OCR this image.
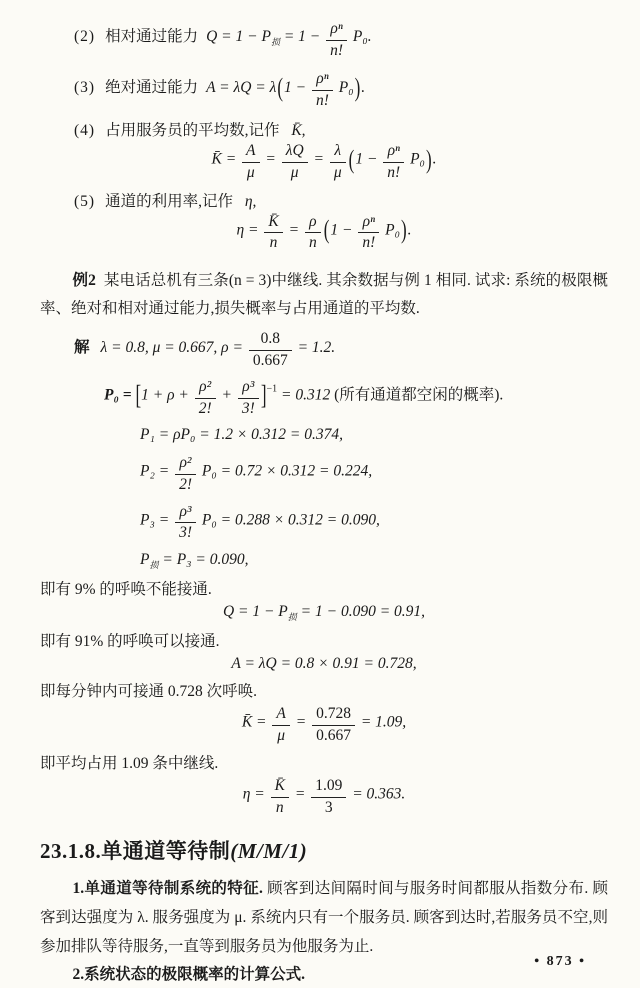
(2) 相对通过能力 $Q = 1 - P_损 = 1 - \frac{\text{ρⁿ}}{n!} P_0$.
(3) 绝对通过能力 $A = \lambda Q = \lambda(1 - \frac{\text{ρⁿ}}{n!} P_0)$.
(4) 占用服务员的平均数,记作 K̄,
K̄ = $\frac{A}{\mu} = \frac{\lambda Q}{\mu} = \frac{\lambda}{\mu} (1 - \frac{\text{ρⁿ}}{n!} P_0)$.
(5) 通道的利用率,记作 η,
$\eta = \frac{K̄}{n} = \frac{\rho}{n} (1 - \frac{\text{ρⁿ}}{n!} P_0)$.
例2 某电话总机有三条(n = 3)中继线. 其余数据与例 1 相同. 试求: 系统的极限概率、绝对和相对通过能力,损失概率与占用通道的平均数.
解 λ = 0.8, μ = 0.667, $\rho = \frac{0.8}{0.667} = 1.2$.
$P_0 = [1 + \rho + \frac{\text{ρ²}}{2!} + \frac{\text{ρ³}}{3!} ]^{-1} = 0.312$ (所有通道都空闲的概率).
P₁ = ρP₀ = 1.2 × 0.312 = 0.374,
$P_2 = \frac{\text{ρ²}}{2!} P_0 = 0.72 \times 0.312 = 0.224$,
$P_3 = \frac{\text{ρ³}}{3!} P_0 = 0.288 \times 0.312 = 0.090$,
$P_损 = P_3 = 0.090$,
即有 9% 的呼唤不能接通.
$Q = 1 - P_损 = 1 - 0.090 = 0.91$,
即有 91% 的呼唤可以接通.
A = λQ = 0.8 × 0.91 = 0.728,
即每分钟内可接通 0.728 次呼唤.
K̄ = $\frac{A}{\mu} = \frac{0.728}{0.667} = 1.09$,
即平均占用 1.09 条中继线.
$\eta = \frac{K̄}{n} = \frac{1.09}{3} = 0.363$.
23.1.8.单通道等待制(M/M/1)
1.单通道等待制系统的特征. 顾客到达间隔时间与服务时间都服从指数分布. 顾客到达强度为 λ. 服务强度为 μ. 系统内只有一个服务员. 顾客到达时,若服务员不空,则参加排队等待服务,一直等到服务员为他服务为止.
2.系统状态的极限概率的计算公式.
• 873 •
